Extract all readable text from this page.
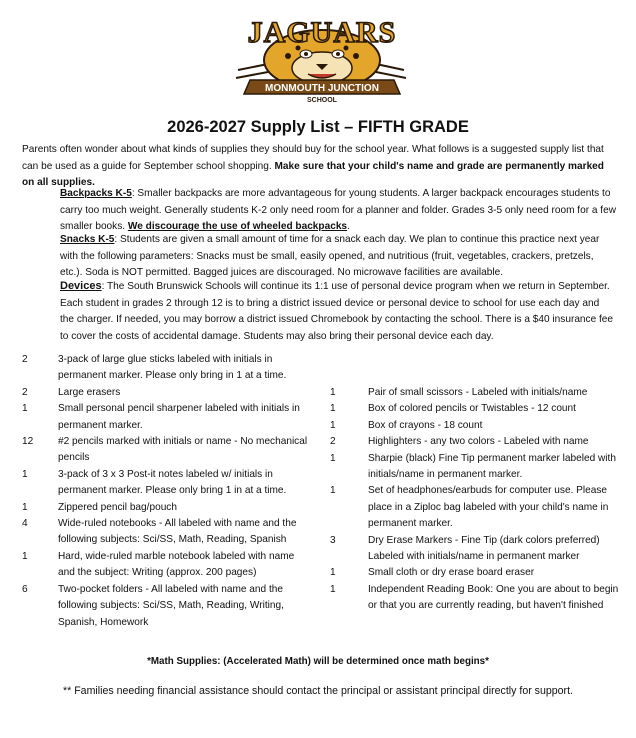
JAGUARS
MONMOUTH JUNCTION
SCHOOL
2026-2027 Supply List – FIFTH GRADE
Parents often wonder about what kinds of supplies they should buy for the school year. What follows is a suggested supply list that can be used as a guide for September school shopping. Make sure that your child's name and grade are permanently marked on all supplies.
Backpacks K-5: Smaller backpacks are more advantageous for young students. A larger backpack encourages students to carry too much weight. Generally students K-2 only need room for a planner and folder. Grades 3-5 only need room for a few smaller books. We discourage the use of wheeled backpacks.
Snacks K-5: Students are given a small amount of time for a snack each day. We plan to continue this practice next year with the following parameters: Snacks must be small, easily opened, and nutritious (fruit, vegetables, crackers, pretzels, etc.). Soda is NOT permitted. Bagged juices are discouraged. No microwave facilities are available.
Devices: The South Brunswick Schools will continue its 1:1 use of personal device program when we return in September. Each student in grades 2 through 12 is to bring a district issued device or personal device to school for use each day and the charger. If needed, you may borrow a district issued Chromebook by contacting the school. There is a $40 insurance fee to cover the costs of accidental damage. Students may also bring their personal device each day.
2	3-pack of large glue sticks labeled with initials in permanent marker. Please only bring in 1 at a time.
2	Large erasers
1	Small personal pencil sharpener labeled with initials in permanent marker.
12	#2 pencils marked with initials or name - No mechanical pencils
1	3-pack of 3 x 3 Post-it notes labeled w/ initials in permanent marker. Please only bring 1 in at a time.
1	Zippered pencil bag/pouch
4	Wide-ruled notebooks - All labeled with name and the following subjects: Sci/SS, Math, Reading, Spanish
1	Hard, wide-ruled marble notebook labeled with name and the subject: Writing (approx. 200 pages)
6	Two-pocket folders - All labeled with name and the following subjects: Sci/SS, Math, Reading, Writing, Spanish, Homework
1	Pair of small scissors - Labeled with initials/name
1	Box of colored pencils or Twistables - 12 count
1	Box of crayons - 18 count
2	Highlighters - any two colors - Labeled with name
1	Sharpie (black) Fine Tip permanent marker labeled with initials/name in permanent marker.
1	Set of headphones/earbuds for computer use. Please place in a Ziploc bag labeled with your child's name in permanent marker.
3	Dry Erase Markers - Fine Tip (dark colors preferred) Labeled with initials/name in permanent marker
1	Small cloth or dry erase board eraser
1	Independent Reading Book: One you are about to begin or that you are currently reading, but haven't finished
*Math Supplies: (Accelerated Math) will be determined once math begins*
** Families needing financial assistance should contact the principal or assistant principal directly for support.
